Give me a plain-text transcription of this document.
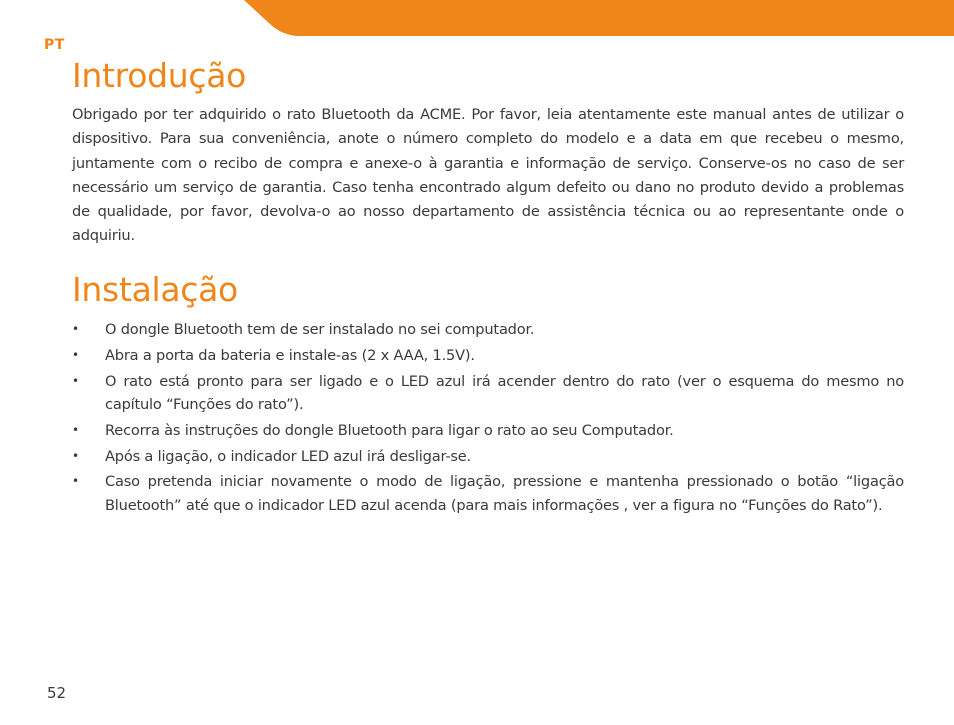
PT
Introdução

Obrigado por ter adquirido o rato Bluetooth da ACME. Por favor, leia atentamente este manual antes de utilizar o dispositivo. Para sua conveniência, anote o número completo do modelo e a data em que recebeu o mesmo, juntamente com o recibo de compra e anexe-o à garantia e informação de serviço. Conserve-os no caso de ser necessário um serviço de garantia. Caso tenha encontrado algum defeito ou dano no produto devido a problemas de qualidade, por favor, devolva-o ao nosso departamento de assistência técnica ou ao representante onde o adquiriu.

Instalação
• O dongle Bluetooth tem de ser instalado no sei computador.
• Abra a porta da bateria e instale-as (2 x AAA, 1.5V).
• O rato está pronto para ser ligado e o LED azul irá acender dentro do rato (ver o esquema do mesmo no capítulo “Funções do rato”).
• Recorra às instruções do dongle Bluetooth para ligar o rato ao seu Computador.
• Após a ligação, o indicador LED azul irá desligar-se.
• Caso pretenda iniciar novamente o modo de ligação, pressione e mantenha pressionado o botão “ligação Bluetooth” até que o indicador LED azul acenda (para mais informações , ver a figura no “Funções do Rato”).
52
